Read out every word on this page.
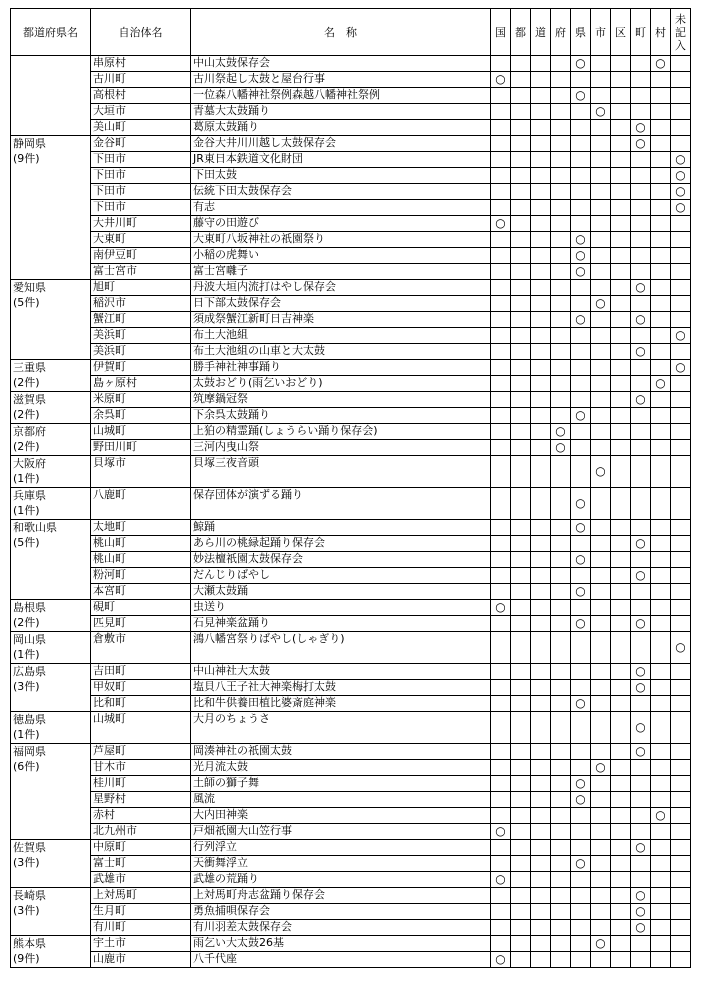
都道府県名	自治体名	名　称	国	都	道	府	県	市	区	町	村	未記入

	串原村	中山太鼓保存会					○				○	
	古川町	古川祭起し太鼓と屋台行事	○									
	高根村	一位森八幡神社祭例森越八幡神社祭例					○					
	大垣市	青墓大太鼓踊り						○				
	美山町	葛原太鼓踊り								○		

静岡県
(9件)	金谷町	金谷大井川川越し太鼓保存会								○		
	下田市	JR東日本鉄道文化財団										○
	下田市	下田太鼓										○
	下田市	伝統下田太鼓保存会										○
	下田市	有志										○
	大井川町	藤守の田遊び	○									
	大東町	大東町八坂神社の祇園祭り					○					
	南伊豆町	小稲の虎舞い					○					
	富士宮市	富士宮囃子					○					

愛知県
(5件)	旭町	丹波大垣内流打はやし保存会								○		
	稲沢市	日下部太鼓保存会						○				
	蟹江町	須成祭蟹江新町日吉神楽					○			○		
	美浜町	布土大池組										○
	美浜町	布土大池組の山車と大太鼓								○		

三重県
(2件)	伊賀町	勝手神社神事踊り										○
	島ヶ原村	太鼓おどり(雨乞いおどり)									○	

滋賀県
(2件)	米原町	筑摩鍋冠祭								○		
	余呉町	下余呉太鼓踊り					○					

京都府
(2件)	山城町	上狛の精霊踊(しょうらい踊り保存会)				○						
	野田川町	三河内曳山祭				○						

大阪府
(1件)	貝塚市	貝塚三夜音頭						○				

兵庫県
(1件)	八鹿町	保存団体が演ずる踊り					○					

和歌山県
(5件)	太地町	鯨踊					○					
	桃山町	あら川の桃緑起踊り保存会								○		
	桃山町	妙法檀祇園太鼓保存会					○					
	粉河町	だんじりばやし								○		
	本宮町	大瀬太鼓踊					○					

島根県
(2件)	硯町	虫送り	○									
	匹見町	石見神楽盆踊り					○			○		

岡山県
(1件)	倉敷市	鴻八幡宮祭りばやし(しゃぎり)										○

広島県
(3件)	吉田町	中山神社大太鼓								○		
	甲奴町	塩貝八王子社大神楽梅打太鼓								○		
	比和町	比和牛供養田植比婆斎庭神楽					○					

徳島県
(1件)	山城町	大月のちょうさ								○		

福岡県
(6件)	芦屋町	岡湊神社の祇園太鼓								○		
	甘木市	光月流太鼓						○				
	桂川町	土師の獅子舞					○					
	星野村	風流					○					
	赤村	大内田神楽									○	
	北九州市	戸畑祇園大山笠行事	○									

佐賀県
(3件)	中原町	行列浮立								○		
	富士町	天衝舞浮立					○					
	武雄市	武雄の荒踊り	○									

長崎県
(3件)	上対馬町	上対馬町舟志盆踊り保存会								○		
	生月町	勇魚捕唄保存会								○		
	有川町	有川羽差太鼓保存会								○		

熊本県
(9件)	宇土市	雨乞い大太鼓26基						○				
	山鹿市	八千代座	○									
